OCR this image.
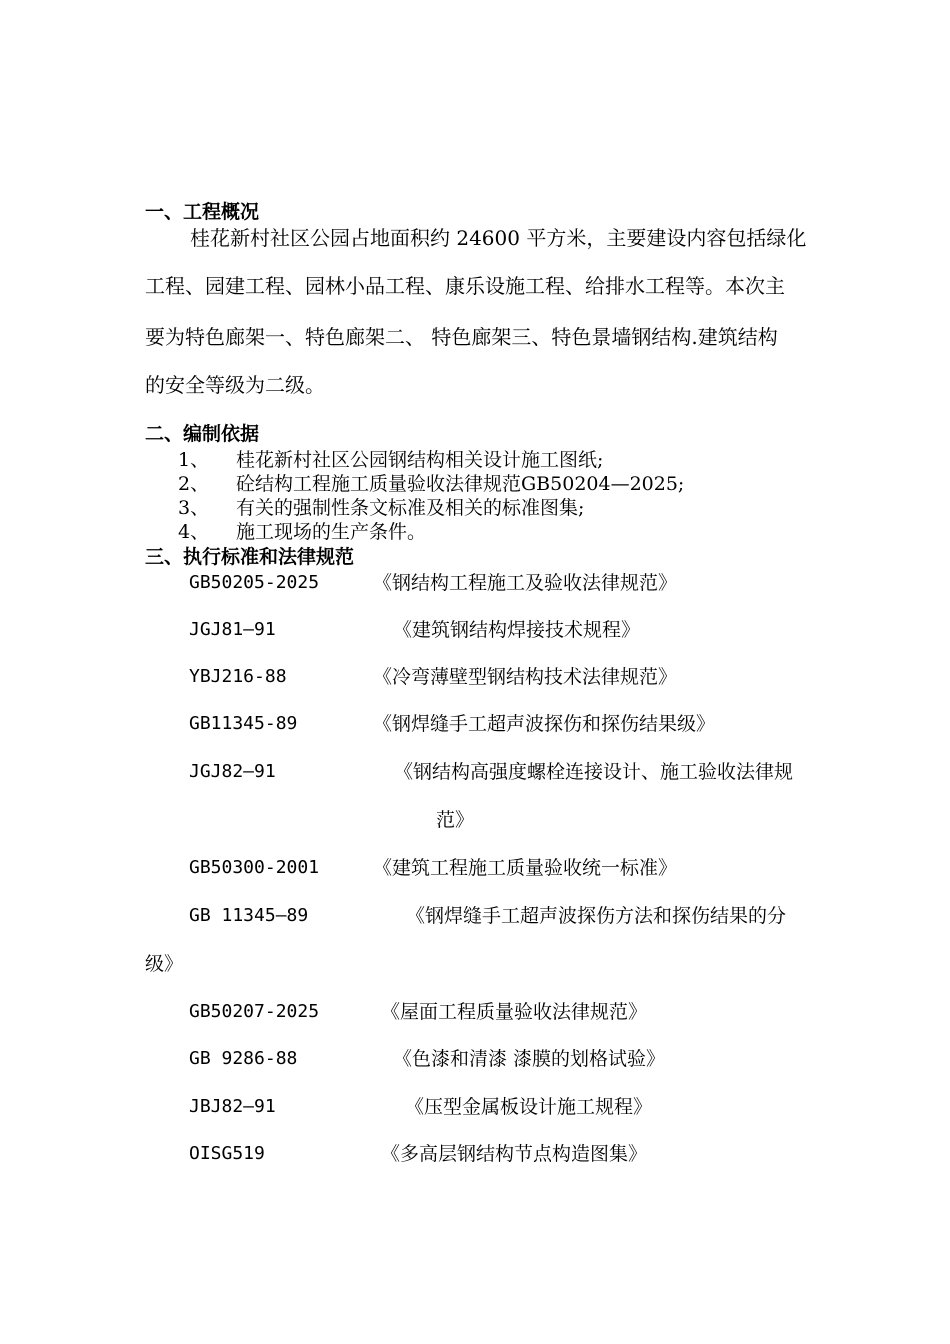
一、工程概况
桂花新村社区公园占地面积约 24600 平方米，主要建设内容包括绿化
工程、园建工程、园林小品工程、康乐设施工程、给排水工程等。本次主
要为特色廊架一、特色廊架二、 特色廊架三、特色景墙钢结构.建筑结构
的安全等级为二级。
二、编制依据
1、 桂花新村社区公园钢结构相关设计施工图纸;
2、 砼结构工程施工质量验收法律规范GB50204—2025;
3、 有关的强制性条文标准及相关的标准图集;
4、 施工现场的生产条件。
三、执行标准和法律规范
GB50205-2025	《钢结构工程施工及验收法律规范》
JGJ81—91	《建筑钢结构焊接技术规程》
YBJ216-88	《冷弯薄壁型钢结构技术法律规范》
GB11345-89	《钢焊缝手工超声波探伤和探伤结果级》
JGJ82—91	《钢结构高强度螺栓连接设计、施工验收法律规
范》
GB50300-2001	《建筑工程施工质量验收统一标准》
GB 11345—89	《钢焊缝手工超声波探伤方法和探伤结果的分
级》
GB50207-2025	《屋面工程质量验收法律规范》
GB 9286-88	《色漆和清漆 漆膜的划格试验》
JBJ82—91	《压型金属板设计施工规程》
OISG519	《多高层钢结构节点构造图集》
